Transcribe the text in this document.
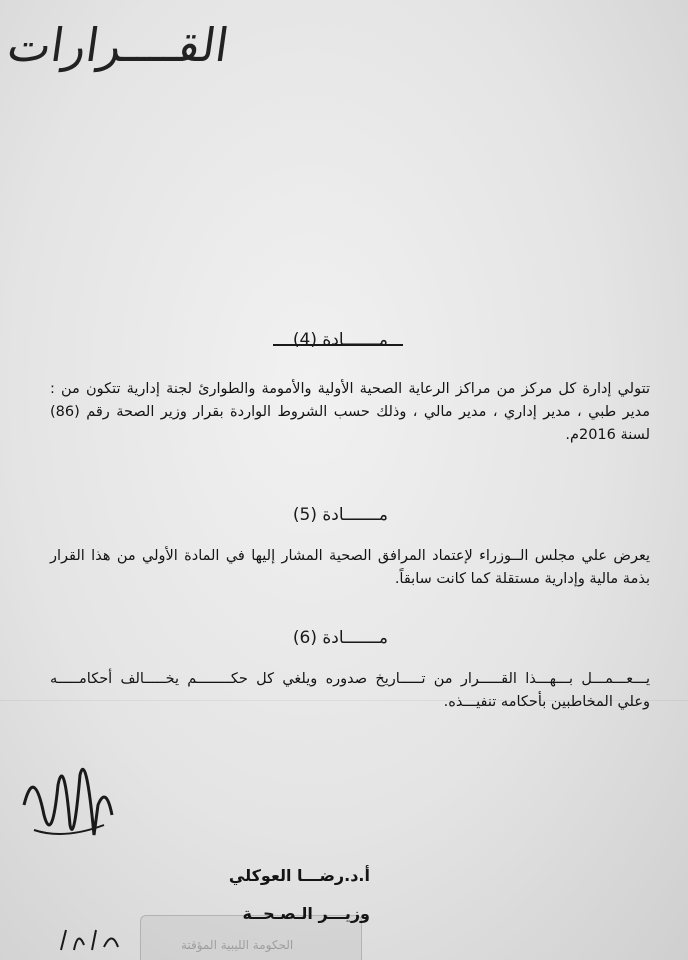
القــــرارات
مـــــــادة (4)
تتولي إدارة كل مركز من مراكز الرعاية الصحية الأولية والأمومة والطوارئ لجنة إدارية تتكون من : مدير طبي ، مدير إداري ، مدير مالي ، وذلك حسب الشروط الواردة بقرار وزير الصحة رقم (86) لسنة 2016م.
مـــــــادة (5)
يعرض علي مجلس الــوزراء لإعتماد المرافق الصحية المشار إليها في المادة الأولي من هذا القرار بذمة مالية وإدارية مستقلة كما كانت سابقاً.
مـــــــادة (6)
يـــعـــمـــل بـــهـــذا القـــــرار من تـــــاريخ صدوره ويلغي كل حكــــــــم يخـــــالف أحكامـــــه وعلي المخاطبين بأحكامه تنفيـــذه.
الحكومة الليبية المؤقتة
أ.د.رضـــا العوكلي
وزيـــر الـصـحــة
